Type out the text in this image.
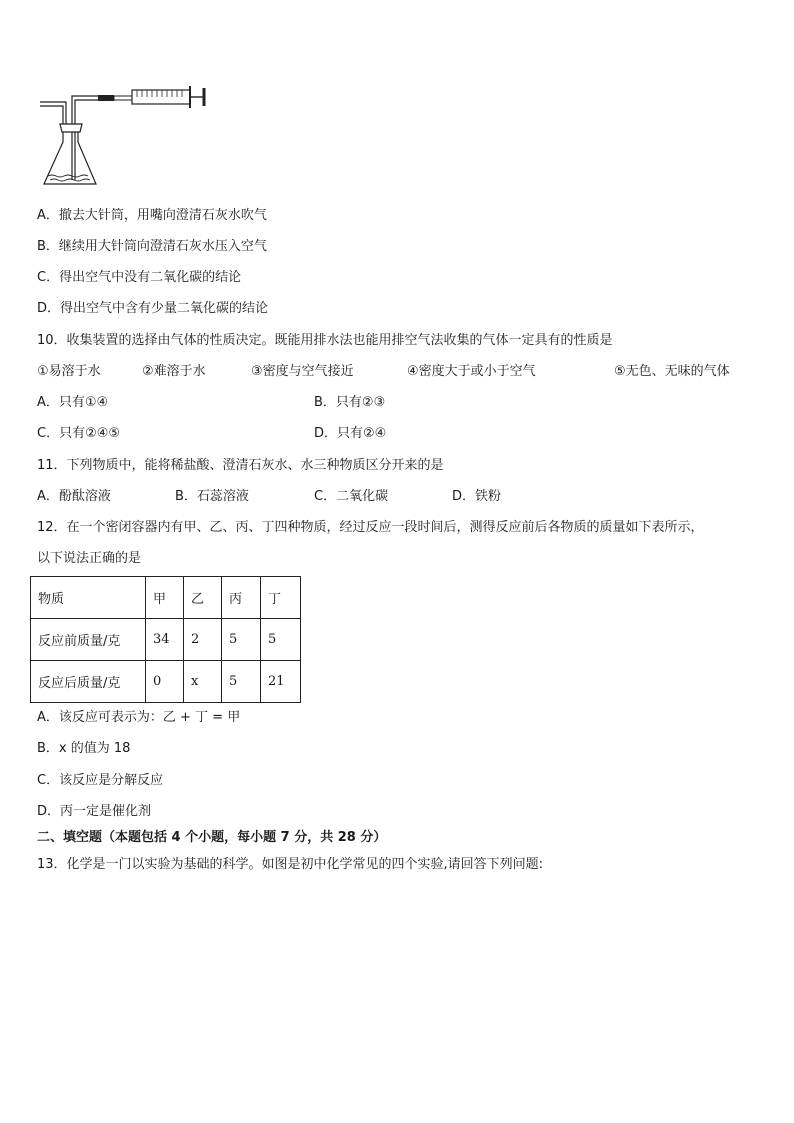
A．撤去大针筒，用嘴向澄清石灰水吹气
B．继续用大针筒向澄清石灰水压入空气
C．得出空气中没有二氧化碳的结论
D．得出空气中含有少量二氧化碳的结论
10．收集装置的选择由气体的性质决定。既能用排水法也能用排空气法收集的气体一定具有的性质是
①易溶于水	②难溶于水	③密度与空气接近	④密度大于或小于空气	⑤无色、无味的气体
A．只有①④	B．只有②③
C．只有②④⑤	D．只有②④
11．下列物质中，能将稀盐酸、澄清石灰水、水三种物质区分开来的是
A．酚酞溶液	B．石蕊溶液	C．二氧化碳	D．铁粉
12．在一个密闭容器内有甲、乙、丙、丁四种物质，经过反应一段时间后，测得反应前后各物质的质量如下表所示，
以下说法正确的是
物质	甲	乙	丙	丁
反应前质量/克	34	2	5	5
反应后质量/克	0	x	5	21
A．该反应可表示为：乙 + 丁 = 甲
B．x 的值为 18
C．该反应是分解反应
D．丙一定是催化剂
二、填空题（本题包括 4 个小题，每小题 7 分，共 28 分）
13．化学是一门以实验为基础的科学。如图是初中化学常见的四个实验,请回答下列问题:
